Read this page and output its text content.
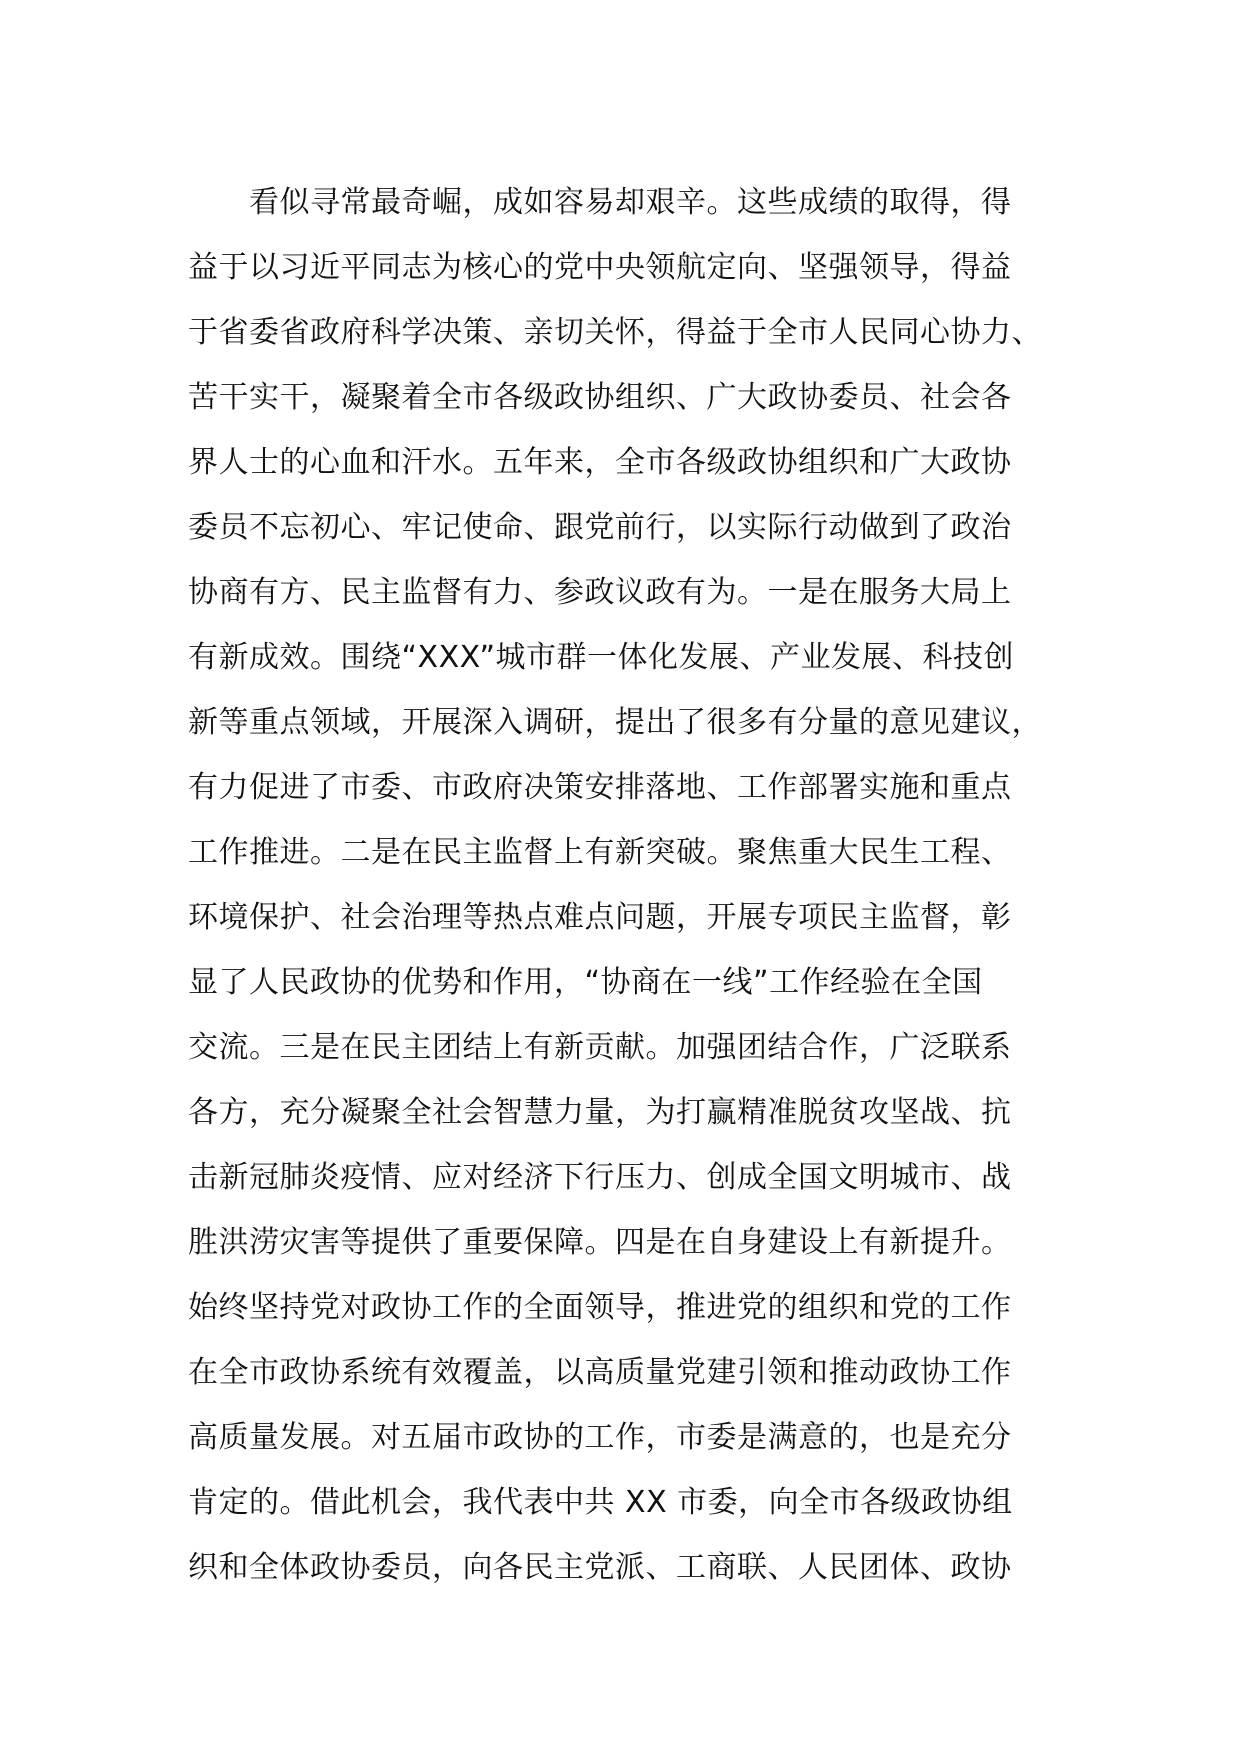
看似寻常最奇崛，成如容易却艰辛。这些成绩的取得，得
益于以习近平同志为核心的党中央领航定向、坚强领导，得益
于省委省政府科学决策、亲切关怀，得益于全市人民同心协力、
苦干实干，凝聚着全市各级政协组织、广大政协委员、社会各
界人士的心血和汗水。五年来，全市各级政协组织和广大政协
委员不忘初心、牢记使命、跟党前行，以实际行动做到了政治
协商有方、民主监督有力、参政议政有为。一是在服务大局上
有新成效。围绕“XXX”城市群一体化发展、产业发展、科技创
新等重点领域，开展深入调研，提出了很多有分量的意见建议，
有力促进了市委、市政府决策安排落地、工作部署实施和重点
工作推进。二是在民主监督上有新突破。聚焦重大民生工程、
环境保护、社会治理等热点难点问题，开展专项民主监督，彰
显了人民政协的优势和作用，“协商在一线”工作经验在全国
交流。三是在民主团结上有新贡献。加强团结合作，广泛联系
各方，充分凝聚全社会智慧力量，为打赢精准脱贫攻坚战、抗
击新冠肺炎疫情、应对经济下行压力、创成全国文明城市、战
胜洪涝灾害等提供了重要保障。四是在自身建设上有新提升。
始终坚持党对政协工作的全面领导，推进党的组织和党的工作
在全市政协系统有效覆盖，以高质量党建引领和推动政协工作
高质量发展。对五届市政协的工作，市委是满意的，也是充分
肯定的。借此机会，我代表中共 XX 市委，向全市各级政协组
织和全体政协委员，向各民主党派、工商联、人民团体、政协
